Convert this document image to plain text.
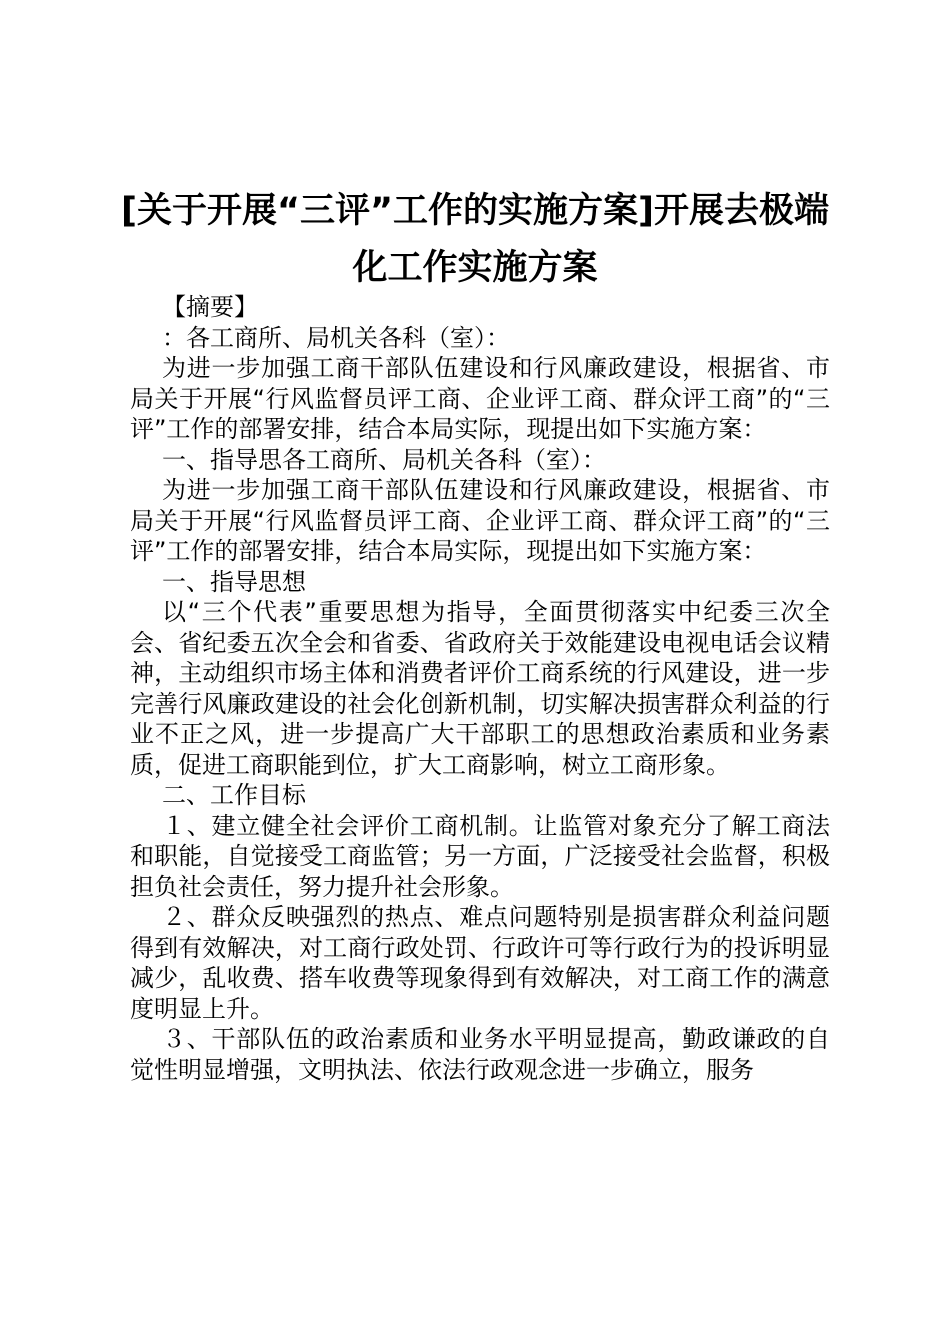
[关于开展“三评”工作的实施方案]开展去极端
化工作实施方案

【摘要】

：各工商所、局机关各科（室）：

为进一步加强工商干部队伍建设和行风廉政建设，根据省、市局关于开展“行风监督员评工商、企业评工商、群众评工商”的“三评”工作的部署安排，结合本局实际，现提出如下实施方案：

一、指导思各工商所、局机关各科（室）：

为进一步加强工商干部队伍建设和行风廉政建设，根据省、市局关于开展“行风监督员评工商、企业评工商、群众评工商”的“三评”工作的部署安排，结合本局实际，现提出如下实施方案：

一、指导思想

以“三个代表”重要思想为指导，全面贯彻落实中纪委三次全会、省纪委五次全会和省委、省政府关于效能建设电视电话会议精神，主动组织市场主体和消费者评价工商系统的行风建设，进一步完善行风廉政建设的社会化创新机制，切实解决损害群众利益的行业不正之风，进一步提高广大干部职工的思想政治素质和业务素质，促进工商职能到位，扩大工商影响，树立工商形象。

二、工作目标

１、建立健全社会评价工商机制。让监管对象充分了解工商法和职能，自觉接受工商监管；另一方面，广泛接受社会监督，积极担负社会责任，努力提升社会形象。

２、群众反映强烈的热点、难点问题特别是损害群众利益问题得到有效解决，对工商行政处罚、行政许可等行政行为的投诉明显减少，乱收费、搭车收费等现象得到有效解决，对工商工作的满意度明显上升。

３、干部队伍的政治素质和业务水平明显提高，勤政谦政的自觉性明显增强，文明执法、依法行政观念进一步确立，服务
